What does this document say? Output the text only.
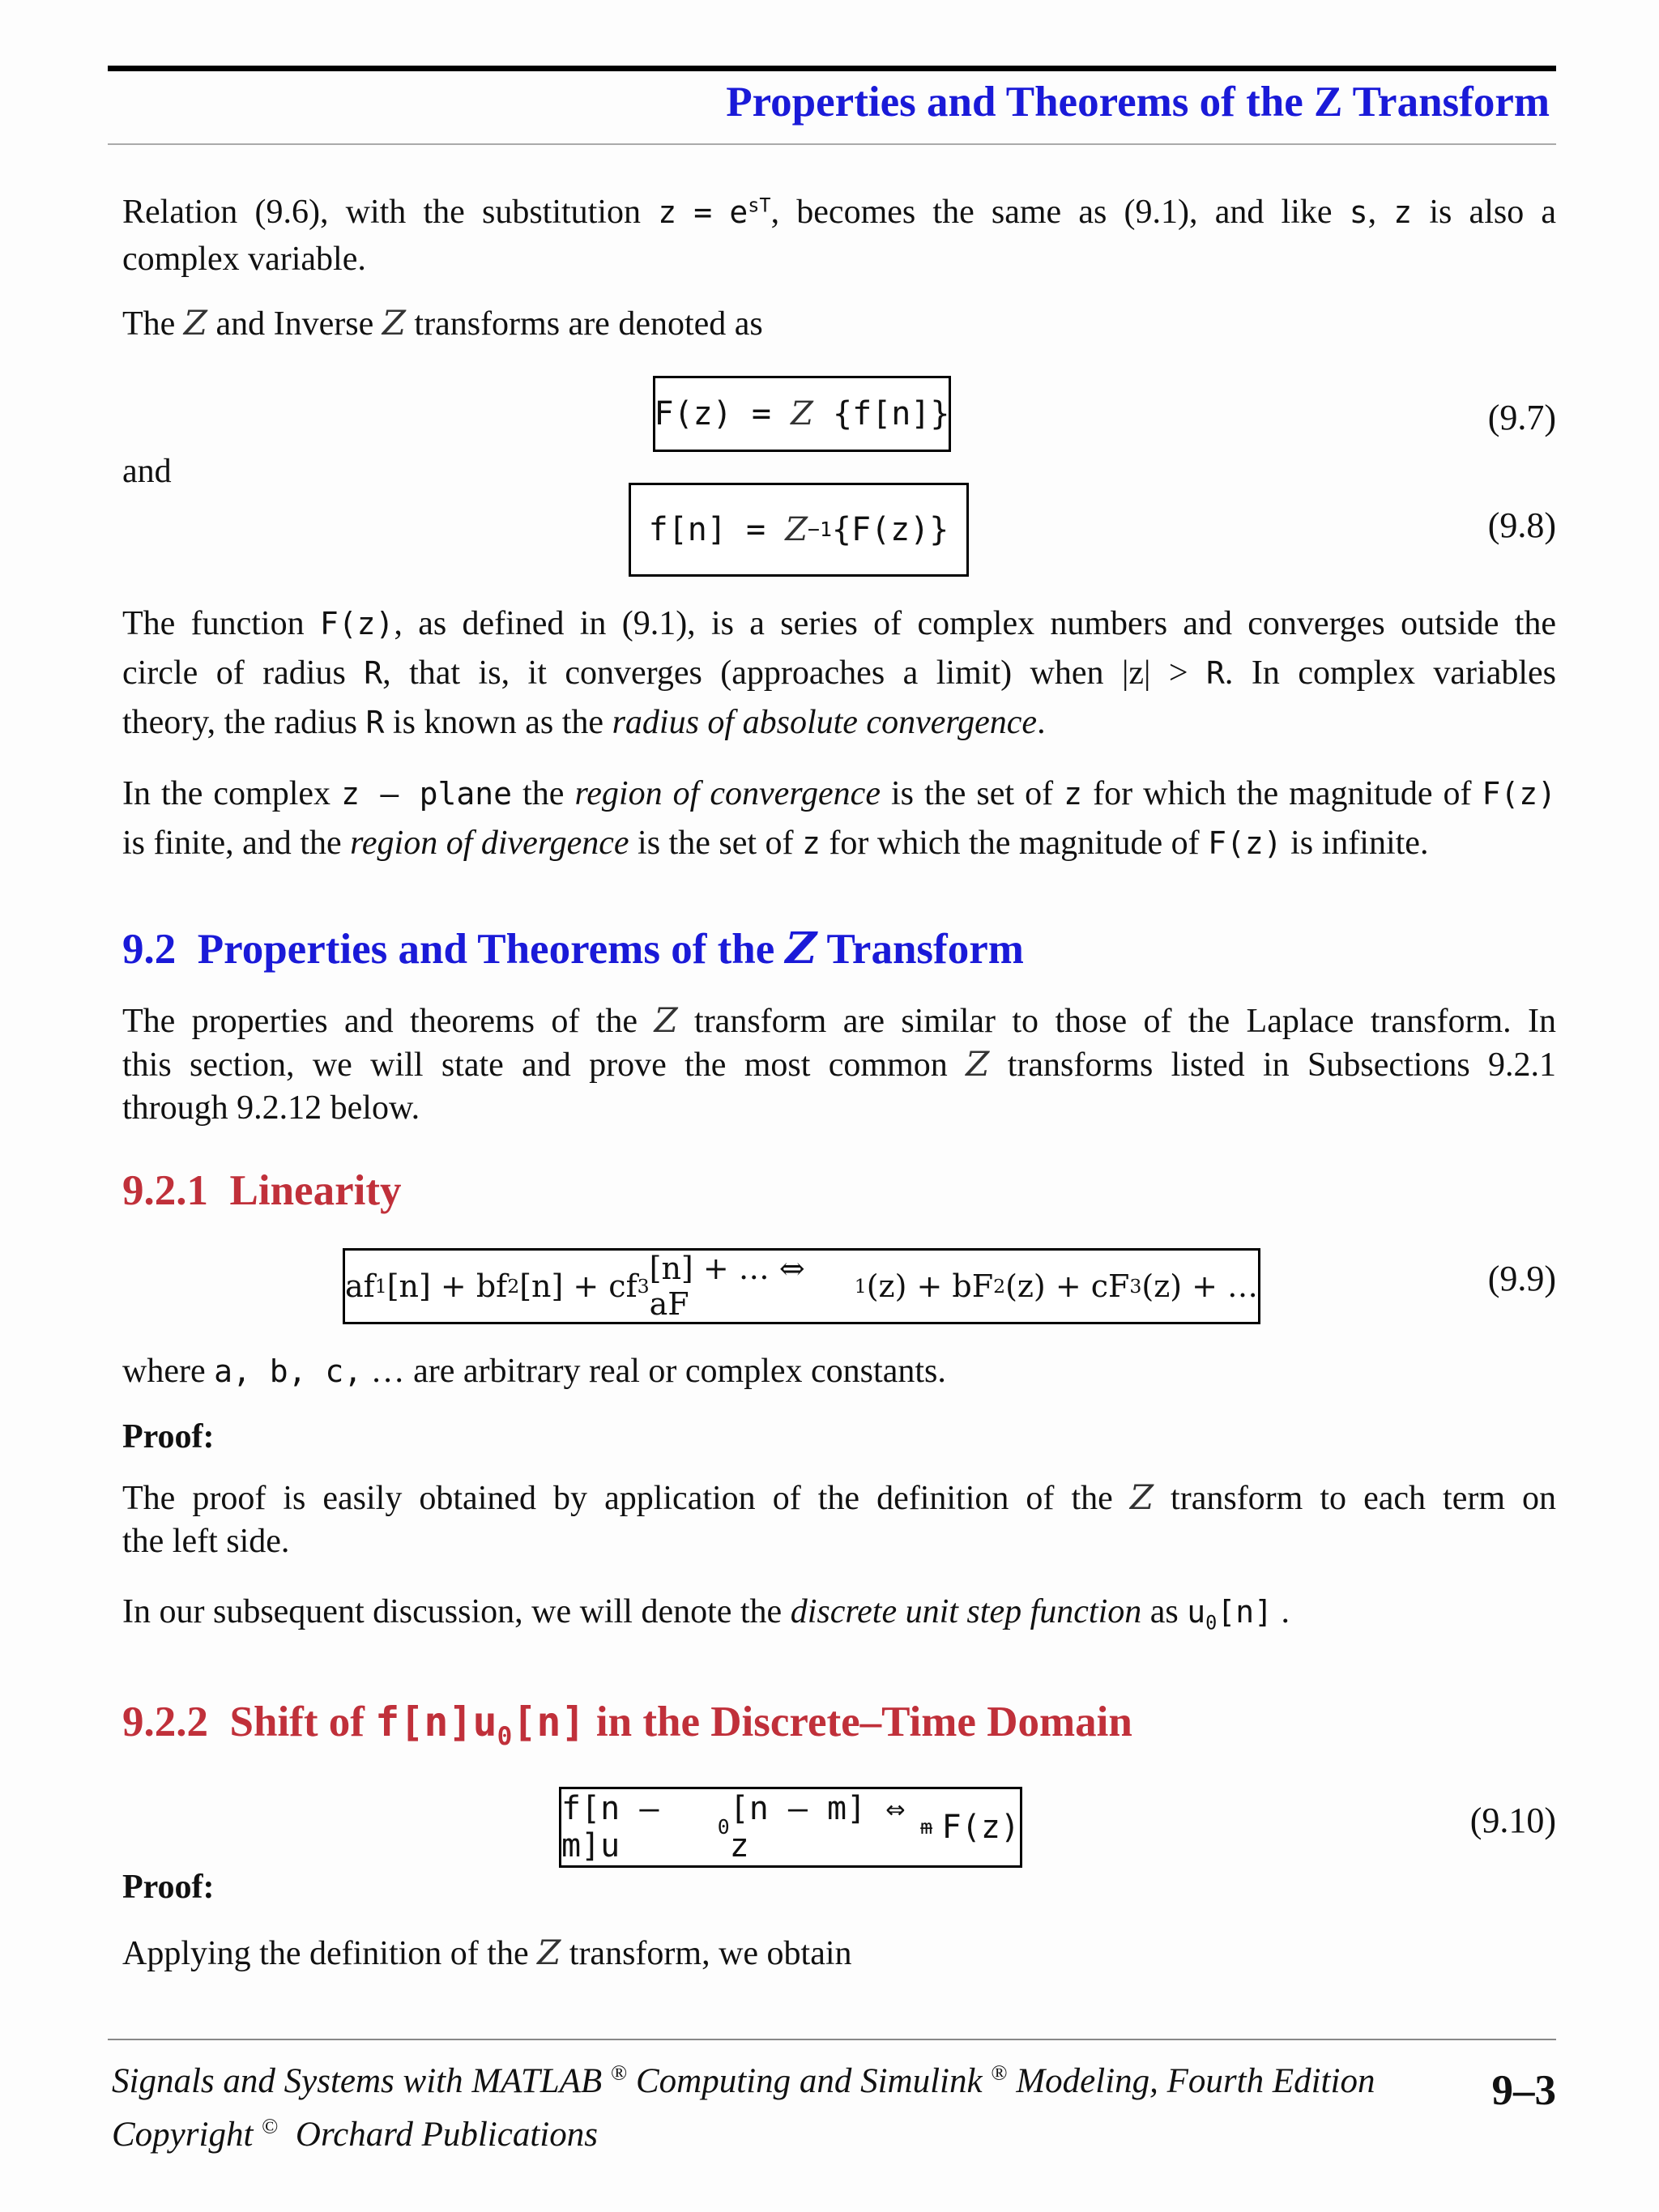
Properties and Theorems of the Z Transform
Relation (9.6), with the substitution $z = e^{sT}$, becomes the same as (9.1), and like s, z is also a
complex variable.
The Z and Inverse Z transforms are denoted as
F(z)
=
Z
{f[n]}	(9.7)
and
f[n]
=
Z −1 {F(z)}	(9.8)
The function F(z), as defined in (9.1), is a series of complex numbers and converges outside the
circle of radius R, that is, it converges (approaches a limit) when |z| > R. In complex variables
theory, the radius R is known as the radius of absolute convergence.
In the complex z – plane the region of convergence is the set of z for which the magnitude of F(z)
is finite, and the region of divergence is the set of z for which the magnitude of F(z) is infinite.
9.2 Properties and Theorems of the Z Transform
The properties and theorems of the Z transform are similar to those of the Laplace transform. In
this section, we will state and prove the most common Z transforms listed in Subsections 9.2.1
through 9.2.12 below.
9.2.1 Linearity
af 1 [n] + bf 2 [n] + cf 3 [n] + … ⇔ aF	1 (z) + bF 2 (z) + cF 3 (z) + …	(9.9)
where a, b, c, … are arbitrary real or complex constants.
Proof:
The proof is easily obtained by application of the definition of the Z transform to each term on
the left side.
In our subsequent discussion, we will denote the discrete unit step function as $u_0[n]$ .
9.2.2 Shift of $f[n]u_0[n]$ in the Discrete–Time Domain
f[n – m]u
0 [n – m] ⇔ z
–m F(z)	(9.10)
Proof:
Applying the definition of the Z transform, we obtain
Signals and Systems with MATLAB ® Computing and Simulink ® Modeling, Fourth Edition
Copyright © Orchard Publications
9–3
